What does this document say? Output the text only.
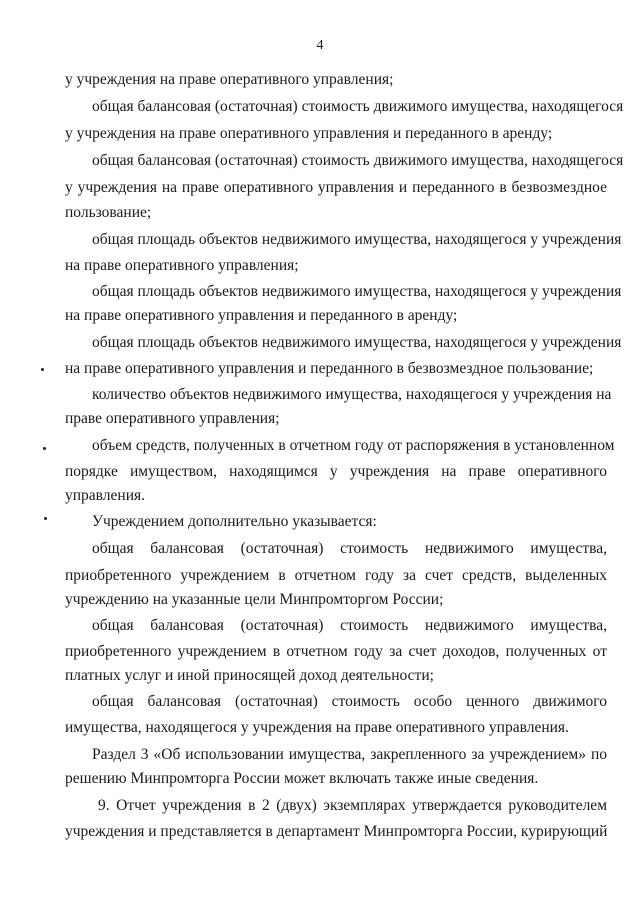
4
у учреждения на праве оперативного управления;
общая балансовая (остаточная) стоимость движимого имущества, находящегося
у учреждения на праве оперативного управления и переданного в аренду;
общая балансовая (остаточная) стоимость движимого имущества, находящегося
у учреждения на праве оперативного управления и переданного в безвозмездное
пользование;
общая площадь объектов недвижимого имущества, находящегося у учреждения
на праве оперативного управления;
общая площадь объектов недвижимого имущества, находящегося у учреждения
на праве оперативного управления и переданного в аренду;
общая площадь объектов недвижимого имущества, находящегося у учреждения
на праве оперативного управления и переданного в безвозмездное пользование;
количество объектов недвижимого имущества, находящегося у учреждения на
праве оперативного управления;
объем средств, полученных в отчетном году от распоряжения в установленном
порядке имуществом, находящимся у учреждения на праве оперативного
управления.
Учреждением дополнительно указывается:
общая балансовая (остаточная) стоимость недвижимого имущества,
приобретенного учреждением в отчетном году за счет средств, выделенных
учреждению на указанные цели Минпромторгом России;
общая балансовая (остаточная) стоимость недвижимого имущества,
приобретенного учреждением в отчетном году за счет доходов, полученных от
платных услуг и иной приносящей доход деятельности;
общая балансовая (остаточная) стоимость особо ценного движимого
имущества, находящегося у учреждения на праве оперативного управления.
Раздел 3 «Об использовании имущества, закрепленного за учреждением» по
решению Минпромторга России может включать также иные сведения.
9. Отчет учреждения в 2 (двух) экземплярах утверждается руководителем
учреждения и представляется в департамент Минпромторга России, курирующий
